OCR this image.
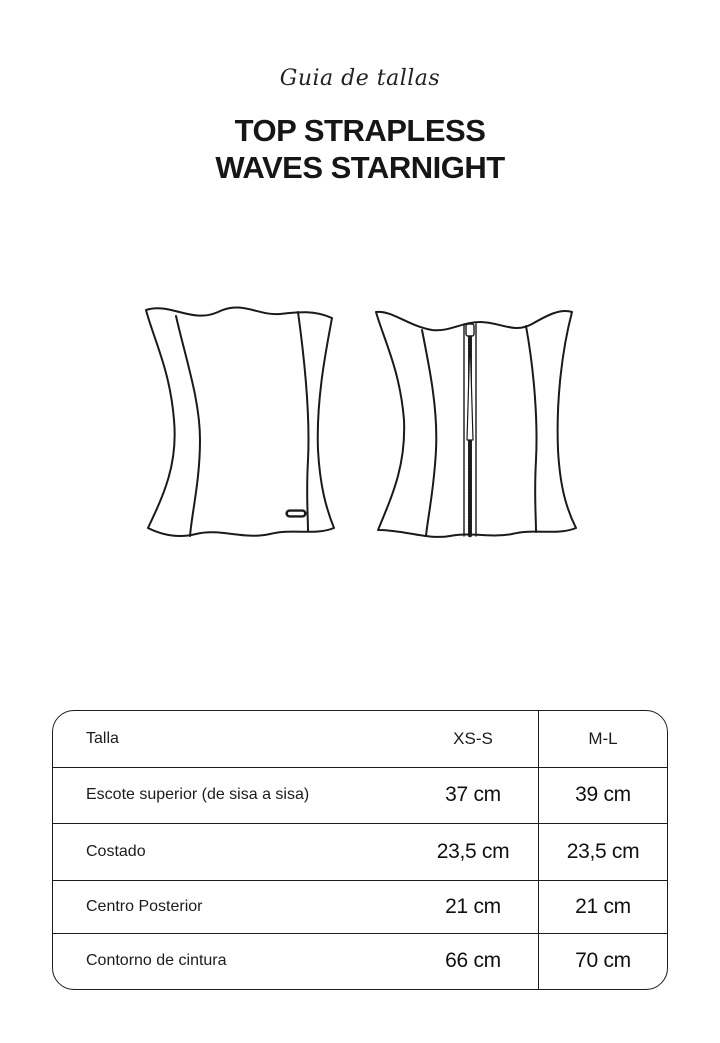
Guia de tallas
TOP STRAPLESS
WAVES STARNIGHT
Talla	XS-S	M-L
Escote superior (de sisa a sisa)	37 cm	39 cm
Costado	23,5 cm	23,5 cm
Centro Posterior	21 cm	21 cm
Contorno de cintura	66 cm	70 cm
